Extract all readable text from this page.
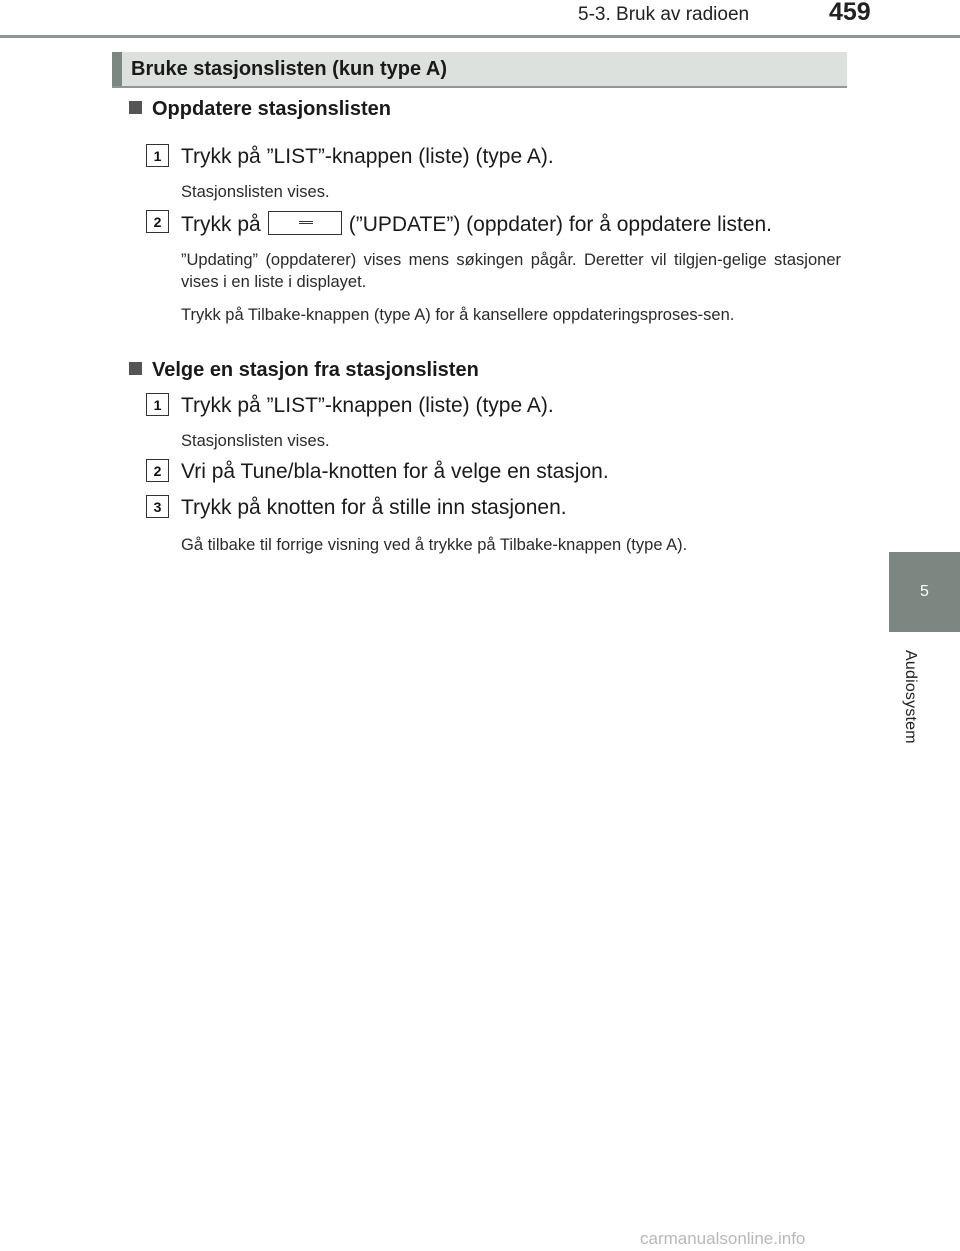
5-3. Bruk av radioen	459
5
Audiosystem
Bruke stasjonslisten (kun type A)
Oppdatere stasjonslisten
1 Trykk på ”LIST”-knappen (liste) (type A).
Stasjonslisten vises.
2 Trykk på	(”UPDATE”) (oppdater) for å oppdatere listen.
”Updating” (oppdaterer) vises mens søkingen pågår. Deretter vil tilgjen-gelige stasjoner vises i en liste i displayet.
Trykk på Tilbake-knappen (type A) for å kansellere oppdateringsproses-sen.
Velge en stasjon fra stasjonslisten
1 Trykk på ”LIST”-knappen (liste) (type A).
Stasjonslisten vises.
2 Vri på Tune/bla-knotten for å velge en stasjon.
3 Trykk på knotten for å stille inn stasjonen.
Gå tilbake til forrige visning ved å trykke på Tilbake-knappen (type A).
carmanualsonline.info
